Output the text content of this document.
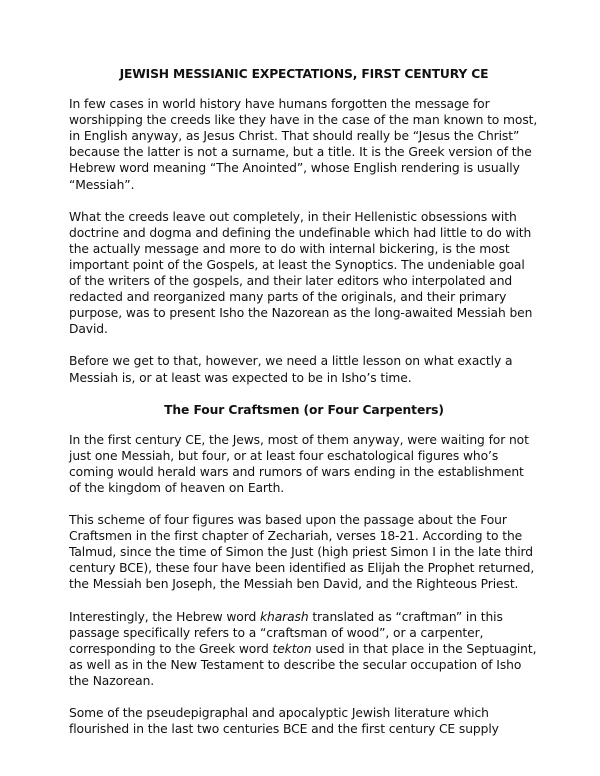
JEWISH MESSIANIC EXPECTATIONS, FIRST CENTURY CE

In few cases in world history have humans forgotten the message for worshipping the creeds like they have in the case of the man known to most, in English anyway, as Jesus Christ. That should really be “Jesus the Christ” because the latter is not a surname, but a title. It is the Greek version of the Hebrew word meaning “The Anointed”, whose English rendering is usually “Messiah”.

What the creeds leave out completely, in their Hellenistic obsessions with doctrine and dogma and defining the undefinable which had little to do with the actually message and more to do with internal bickering, is the most important point of the Gospels, at least the Synoptics. The undeniable goal of the writers of the gospels, and their later editors who interpolated and redacted and reorganized many parts of the originals, and their primary purpose, was to present Isho the Nazorean as the long-awaited Messiah ben David.

Before we get to that, however, we need a little lesson on what exactly a Messiah is, or at least was expected to be in Isho’s time.

The Four Craftsmen (or Four Carpenters)

In the first century CE, the Jews, most of them anyway, were waiting for not just one Messiah, but four, or at least four eschatological figures who’s coming would herald wars and rumors of wars ending in the establishment of the kingdom of heaven on Earth.

This scheme of four figures was based upon the passage about the Four Craftsmen in the first chapter of Zechariah, verses 18-21. According to the Talmud, since the time of Simon the Just (high priest Simon I in the late third century BCE), these four have been identified as Elijah the Prophet returned, the Messiah ben Joseph, the Messiah ben David, and the Righteous Priest.

Interestingly, the Hebrew word kharash translated as “craftman” in this passage specifically refers to a “craftsman of wood”, or a carpenter, corresponding to the Greek word tekton used in that place in the Septuagint, as well as in the New Testament to describe the secular occupation of Isho the Nazorean.

Some of the pseudepigraphal and apocalyptic Jewish literature which flourished in the last two centuries BCE and the first century CE supply
